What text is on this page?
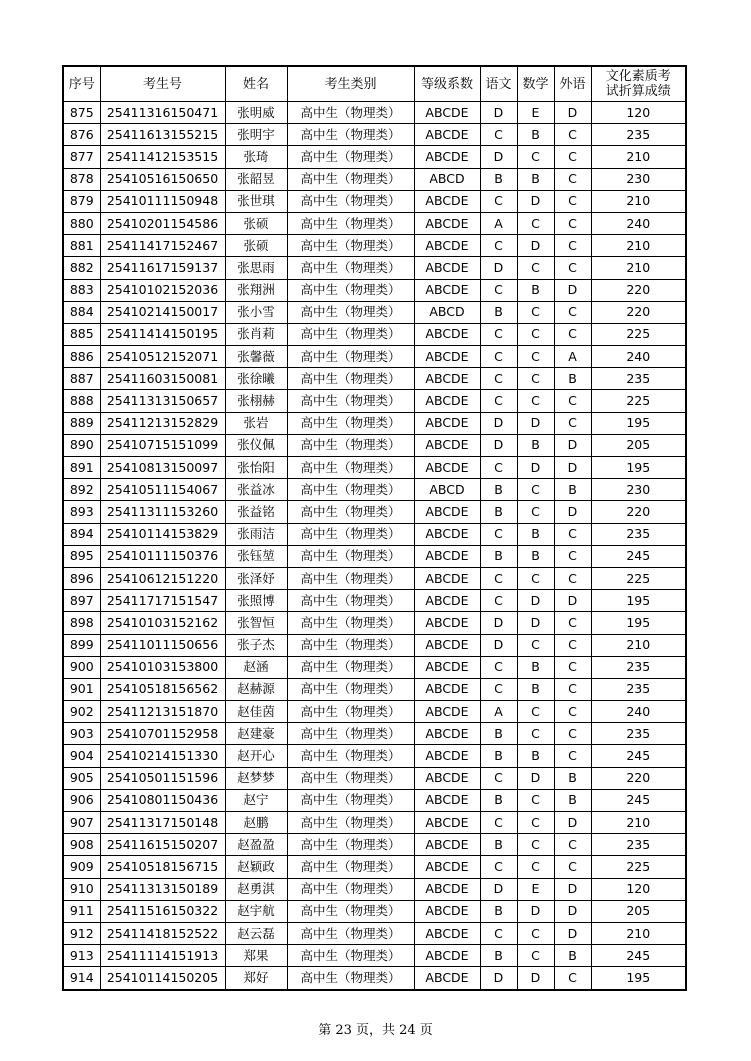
序号	考生号	姓名	考生类别	等级系数	语文	数学	外语	文化素质考
试折算成绩

875	25411316150471	张明威	高中生（物理类）	ABCDE	D	E	D	120
876	25411613155215	张明宇	高中生（物理类）	ABCDE	C	B	C	235
877	25411412153515	张琦	高中生（物理类）	ABCDE	D	C	C	210
878	25410516150650	张韶昱	高中生（物理类）	ABCD	B	B	C	230
879	25410111150948	张世琪	高中生（物理类）	ABCDE	C	D	C	210
880	25410201154586	张硕	高中生（物理类）	ABCDE	A	C	C	240
881	25411417152467	张硕	高中生（物理类）	ABCDE	C	D	C	210
882	25411617159137	张思雨	高中生（物理类）	ABCDE	D	C	C	210
883	25410102152036	张翔洲	高中生（物理类）	ABCDE	C	B	D	220
884	25410214150017	张小雪	高中生（物理类）	ABCD	B	C	C	220
885	25411414150195	张肖莉	高中生（物理类）	ABCDE	C	C	C	225
886	25410512152071	张馨薇	高中生（物理类）	ABCDE	C	C	A	240
887	25411603150081	张徐曦	高中生（物理类）	ABCDE	C	C	B	235
888	25411313150657	张栩赫	高中生（物理类）	ABCDE	C	C	C	225
889	25411213152829	张岩	高中生（物理类）	ABCDE	D	D	C	195
890	25410715151099	张仪佩	高中生（物理类）	ABCDE	D	B	D	205
891	25410813150097	张怡阳	高中生（物理类）	ABCDE	C	D	D	195
892	25410511154067	张益冰	高中生（物理类）	ABCD	B	C	B	230
893	25411311153260	张益铭	高中生（物理类）	ABCDE	B	C	D	220
894	25410114153829	张雨洁	高中生（物理类）	ABCDE	C	B	C	235
895	25410111150376	张钰堃	高中生（物理类）	ABCDE	B	B	C	245
896	25410612151220	张泽妤	高中生（物理类）	ABCDE	C	C	C	225
897	25411717151547	张照博	高中生（物理类）	ABCDE	C	D	D	195
898	25410103152162	张智恒	高中生（物理类）	ABCDE	D	D	C	195
899	25411011150656	张子杰	高中生（物理类）	ABCDE	D	C	C	210
900	25410103153800	赵涵	高中生（物理类）	ABCDE	C	B	C	235
901	25410518156562	赵赫源	高中生（物理类）	ABCDE	C	B	C	235
902	25411213151870	赵佳茵	高中生（物理类）	ABCDE	A	C	C	240
903	25410701152958	赵建豪	高中生（物理类）	ABCDE	B	C	C	235
904	25410214151330	赵开心	高中生（物理类）	ABCDE	B	B	C	245
905	25410501151596	赵梦梦	高中生（物理类）	ABCDE	C	D	B	220
906	25410801150436	赵宁	高中生（物理类）	ABCDE	B	C	B	245
907	25411317150148	赵鹏	高中生（物理类）	ABCDE	C	C	D	210
908	25411615150207	赵盈盈	高中生（物理类）	ABCDE	B	C	C	235
909	25410518156715	赵颖政	高中生（物理类）	ABCDE	C	C	C	225
910	25411313150189	赵勇淇	高中生（物理类）	ABCDE	D	E	D	120
911	25411516150322	赵宇航	高中生（物理类）	ABCDE	B	D	D	205
912	25411418152522	赵云磊	高中生（物理类）	ABCDE	C	C	D	210
913	25411114151913	郑果	高中生（物理类）	ABCDE	B	C	B	245
914	25410114150205	郑好	高中生（物理类）	ABCDE	D	D	C	195
第 23 页，共 24 页
